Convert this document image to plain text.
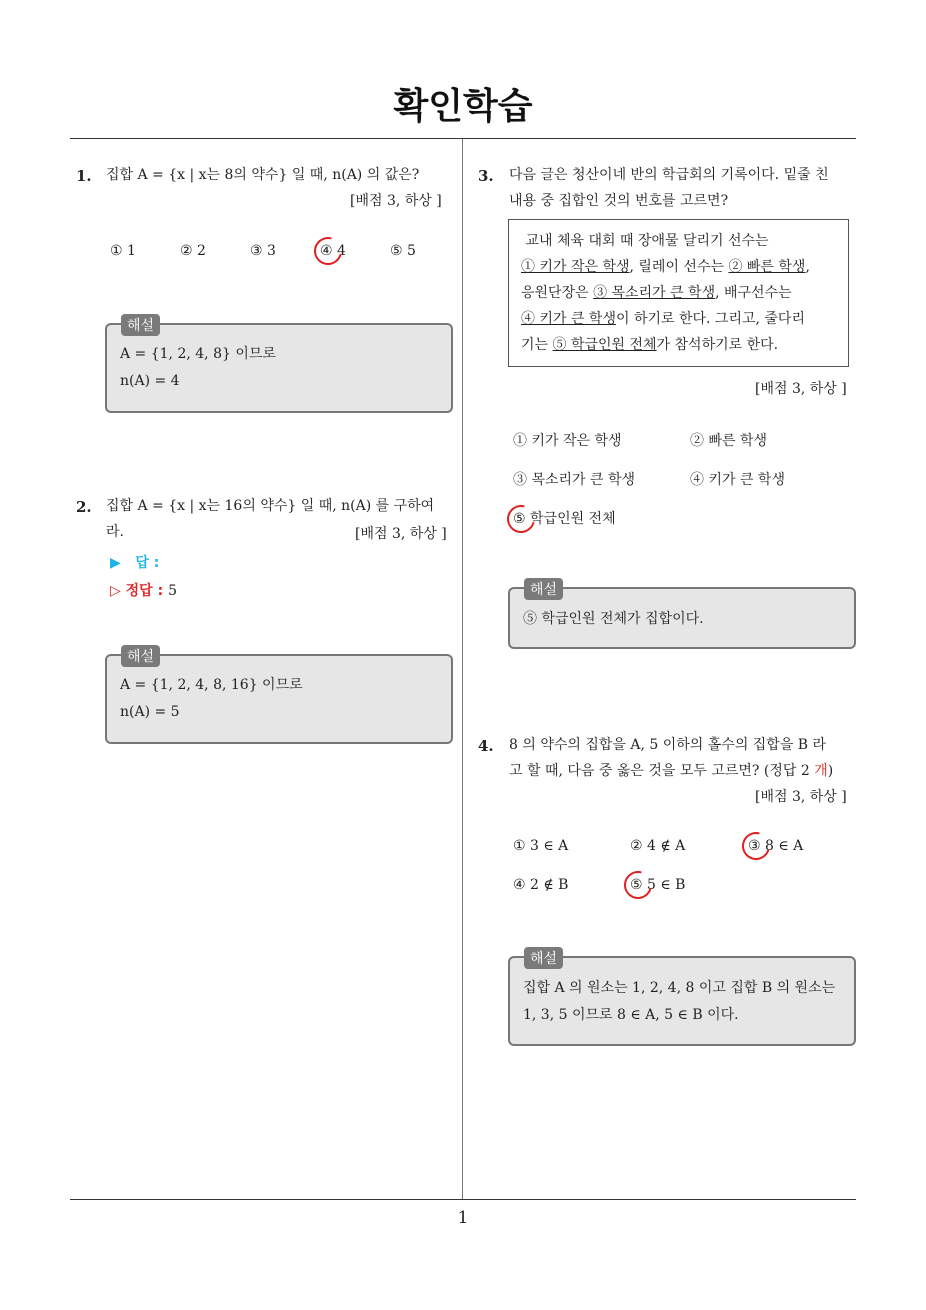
확인학습
1. 집합 A = {x | x는 8의 약수} 일 때, n(A) 의 값은?
[배점 3, 하상 ]
① 1	② 2	③ 3	④ 4	⑤ 5
해설
A = {1, 2, 4, 8} 이므로
n(A) = 4
2. 집합 A = {x | x는 16의 약수} 일 때, n(A) 를 구하여
라.	[배점 3, 하상 ]
▶ 답 :
▷ 정답 : 5
해설
A = {1, 2, 4, 8, 16} 이므로
n(A) = 5
3. 다음 글은 청산이네 반의 학급회의 기록이다. 밑줄 친
내용 중 집합인 것의 번호를 고르면?
교내 체육 대회 때 장애물 달리기 선수는
① 키가 작은 학생, 릴레이 선수는 ② 빠른 학생,
응원단장은 ③ 목소리가 큰 학생, 배구선수는
④ 키가 큰 학생이 하기로 한다. 그리고, 줄다리
기는 ⑤ 학급인원 전체가 참석하기로 한다.
[배점 3, 하상 ]
① 키가 작은 학생	② 빠른 학생
③ 목소리가 큰 학생	④ 키가 큰 학생
⑤ 학급인원 전체
해설
⑤ 학급인원 전체가 집합이다.
4. 8 의 약수의 집합을 A, 5 이하의 홀수의 집합을 B 라
고 할 때, 다음 중 옳은 것을 모두 고르면? (정답 2 개)
[배점 3, 하상 ]
① 3 ∈ A	② 4 ∉ A	③ 8 ∈ A
④ 2 ∉ B	⑤ 5 ∈ B
해설
집합 A 의 원소는 1, 2, 4, 8 이고 집합 B 의 원소는
1, 3, 5 이므로 8 ∈ A, 5 ∈ B 이다.
1
